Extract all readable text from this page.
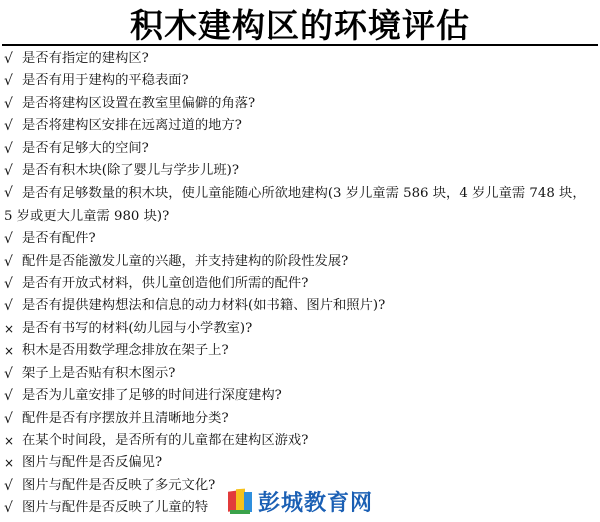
积木建构区的环境评估
√ 是否有指定的建构区?
√ 是否有用于建构的平稳表面?
√ 是否将建构区设置在教室里偏僻的角落?
√ 是否将建构区安排在远离过道的地方?
√ 是否有足够大的空间?
√ 是否有积木块(除了婴儿与学步儿班)?
√ 是否有足够数量的积木块，使儿童能随心所欲地建构(3 岁儿童需 586 块，4 岁儿童需 748 块，5 岁或更大儿童需 980 块)?
√ 是否有配件?
√ 配件是否能激发儿童的兴趣，并支持建构的阶段性发展?
√ 是否有开放式材料，供儿童创造他们所需的配件?
√ 是否有提供建构想法和信息的动力材料(如书籍、图片和照片)?
× 是否有书写的材料(幼儿园与小学教室)?
× 积木是否用数学理念排放在架子上?
√ 架子上是否贴有积木图示?
√ 是否为儿童安排了足够的时间进行深度建构?
√ 配件是否有序摆放并且清晰地分类?
× 在某个时间段，是否所有的儿童都在建构区游戏?
× 图片与配件是否反偏见?
√ 图片与配件是否反映了多元文化?
√ 图片与配件是否反映了儿童的特	彭城教育网
